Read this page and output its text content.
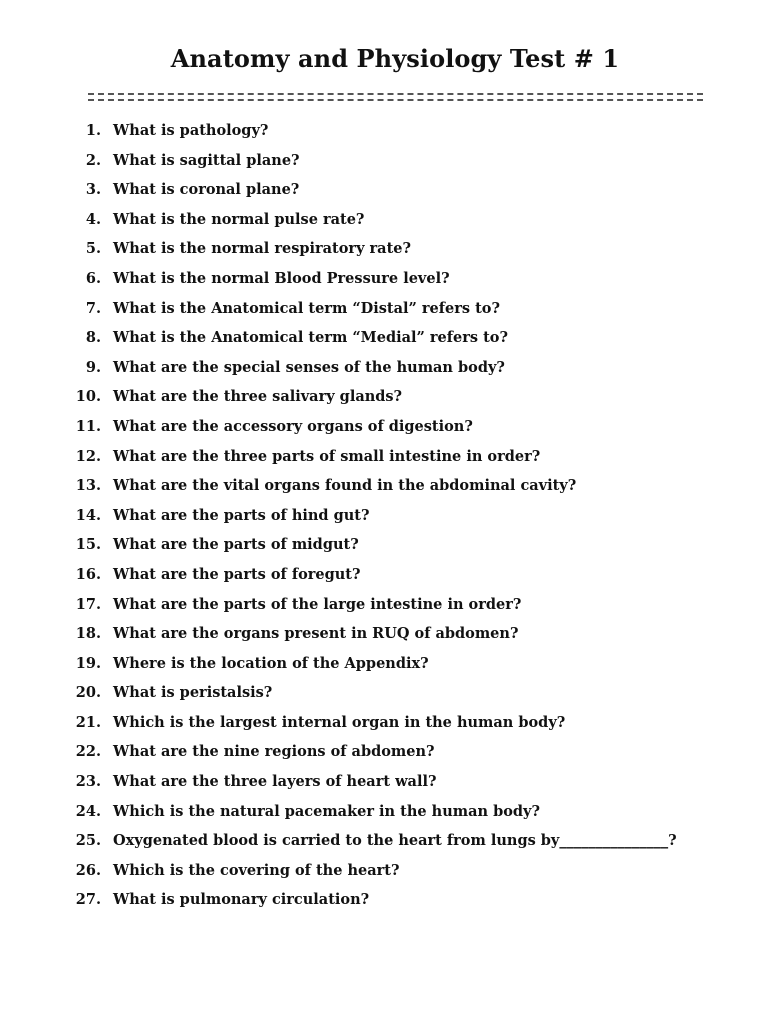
Anatomy and Physiology Test # 1
1. What is pathology?
2. What is sagittal plane?
3. What is coronal plane?
4. What is the normal pulse rate?
5. What is the normal respiratory rate?
6. What is the normal Blood Pressure level?
7. What is the Anatomical term “Distal” refers to?
8. What is the Anatomical term “Medial” refers to?
9. What are the special senses of the human body?
10. What are the three salivary glands?
11. What are the accessory organs of digestion?
12. What are the three parts of small intestine in order?
13. What are the vital organs found in the abdominal cavity?
14. What are the parts of hind gut?
15. What are the parts of midgut?
16. What are the parts of foregut?
17. What are the parts of the large intestine in order?
18. What are the organs present in RUQ of abdomen?
19. Where is the location of the Appendix?
20. What is peristalsis?
21. Which is the largest internal organ in the human body?
22. What are the nine regions of abdomen?
23. What are the three layers of heart wall?
24. Which is the natural pacemaker in the human body?
25. Oxygenated blood is carried to the heart from lungs by_______________?
26. Which is the covering of the heart?
27. What is pulmonary circulation?
